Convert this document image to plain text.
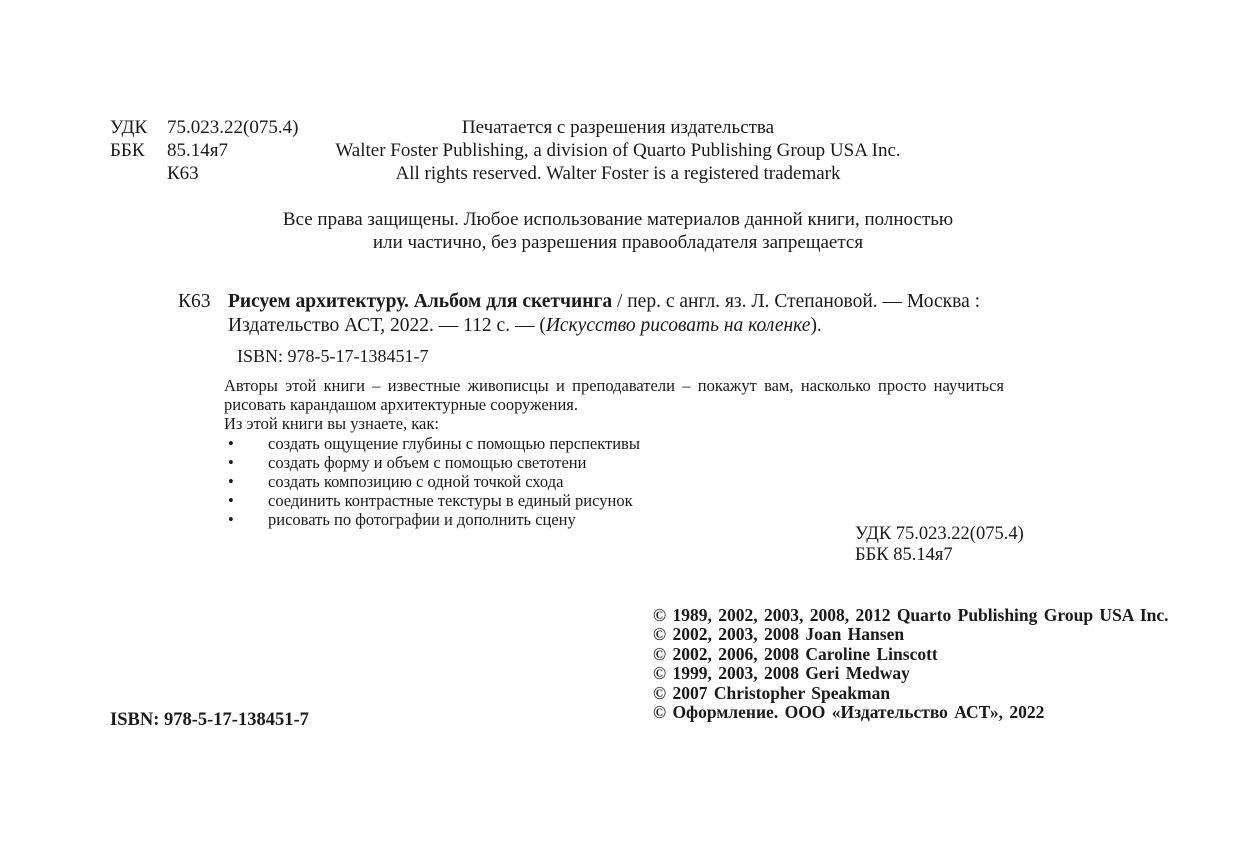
УДК 75.023.22(075.4)
ББК 85.14я7
К63
Печатается с разрешения издательства
Walter Foster Publishing, a division of Quarto Publishing Group USA Inc.
All rights reserved. Walter Foster is a registered trademark
Все права защищены. Любое использование материалов данной книги, полностью
или частично, без разрешения правообладателя запрещается
К63 Рисуем архитектуру. Альбом для скетчинга / пер. с англ. яз. Л. Степановой. — Москва :
Издательство АСТ, 2022. — 112 с. — (Искусство рисовать на коленке).
ISBN: 978-5-17-138451-7
Авторы этой книги – известные живописцы и преподаватели – покажут вам, насколько просто научиться
рисовать карандашом архитектурные сооружения.
Из этой книги вы узнаете, как:
• создать ощущение глубины с помощью перспективы
• создать форму и объем с помощью светотени
• создать композицию с одной точкой схода
• соединить контрастные текстуры в единый рисунок
• рисовать по фотографии и дополнить сцену
УДК 75.023.22(075.4)
ББК 85.14я7
© 1989, 2002, 2003, 2008, 2012 Quarto Publishing Group USA Inc.
© 2002, 2003, 2008 Joan Hansen
© 2002, 2006, 2008 Caroline Linscott
© 1999, 2003, 2008 Geri Medway
© 2007 Christopher Speakman
© Оформление. ООО «Издательство АСТ», 2022
ISBN: 978-5-17-138451-7
